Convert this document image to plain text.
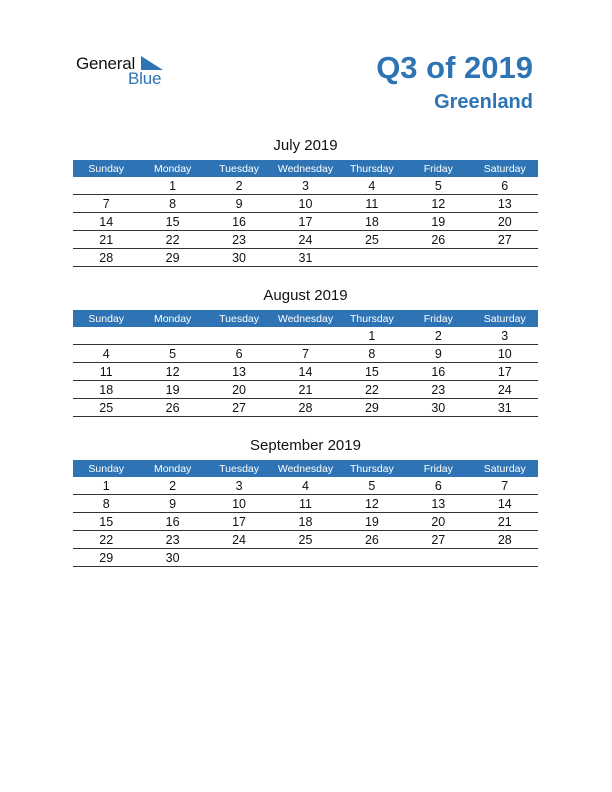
General
Blue	Q3 of 2019
Greenland
July 2019
Sunday	Monday	Tuesday	Wednesday	Thursday	Friday	Saturday
	1	2	3	4	5	6
7	8	9	10	11	12	13
14	15	16	17	18	19	20
21	22	23	24	25	26	27
28	29	30	31			
August 2019
Sunday	Monday	Tuesday	Wednesday	Thursday	Friday	Saturday
				1	2	3
4	5	6	7	8	9	10
11	12	13	14	15	16	17
18	19	20	21	22	23	24
25	26	27	28	29	30	31
September 2019
Sunday	Monday	Tuesday	Wednesday	Thursday	Friday	Saturday
1	2	3	4	5	6	7
8	9	10	11	12	13	14
15	16	17	18	19	20	21
22	23	24	25	26	27	28
29	30					
